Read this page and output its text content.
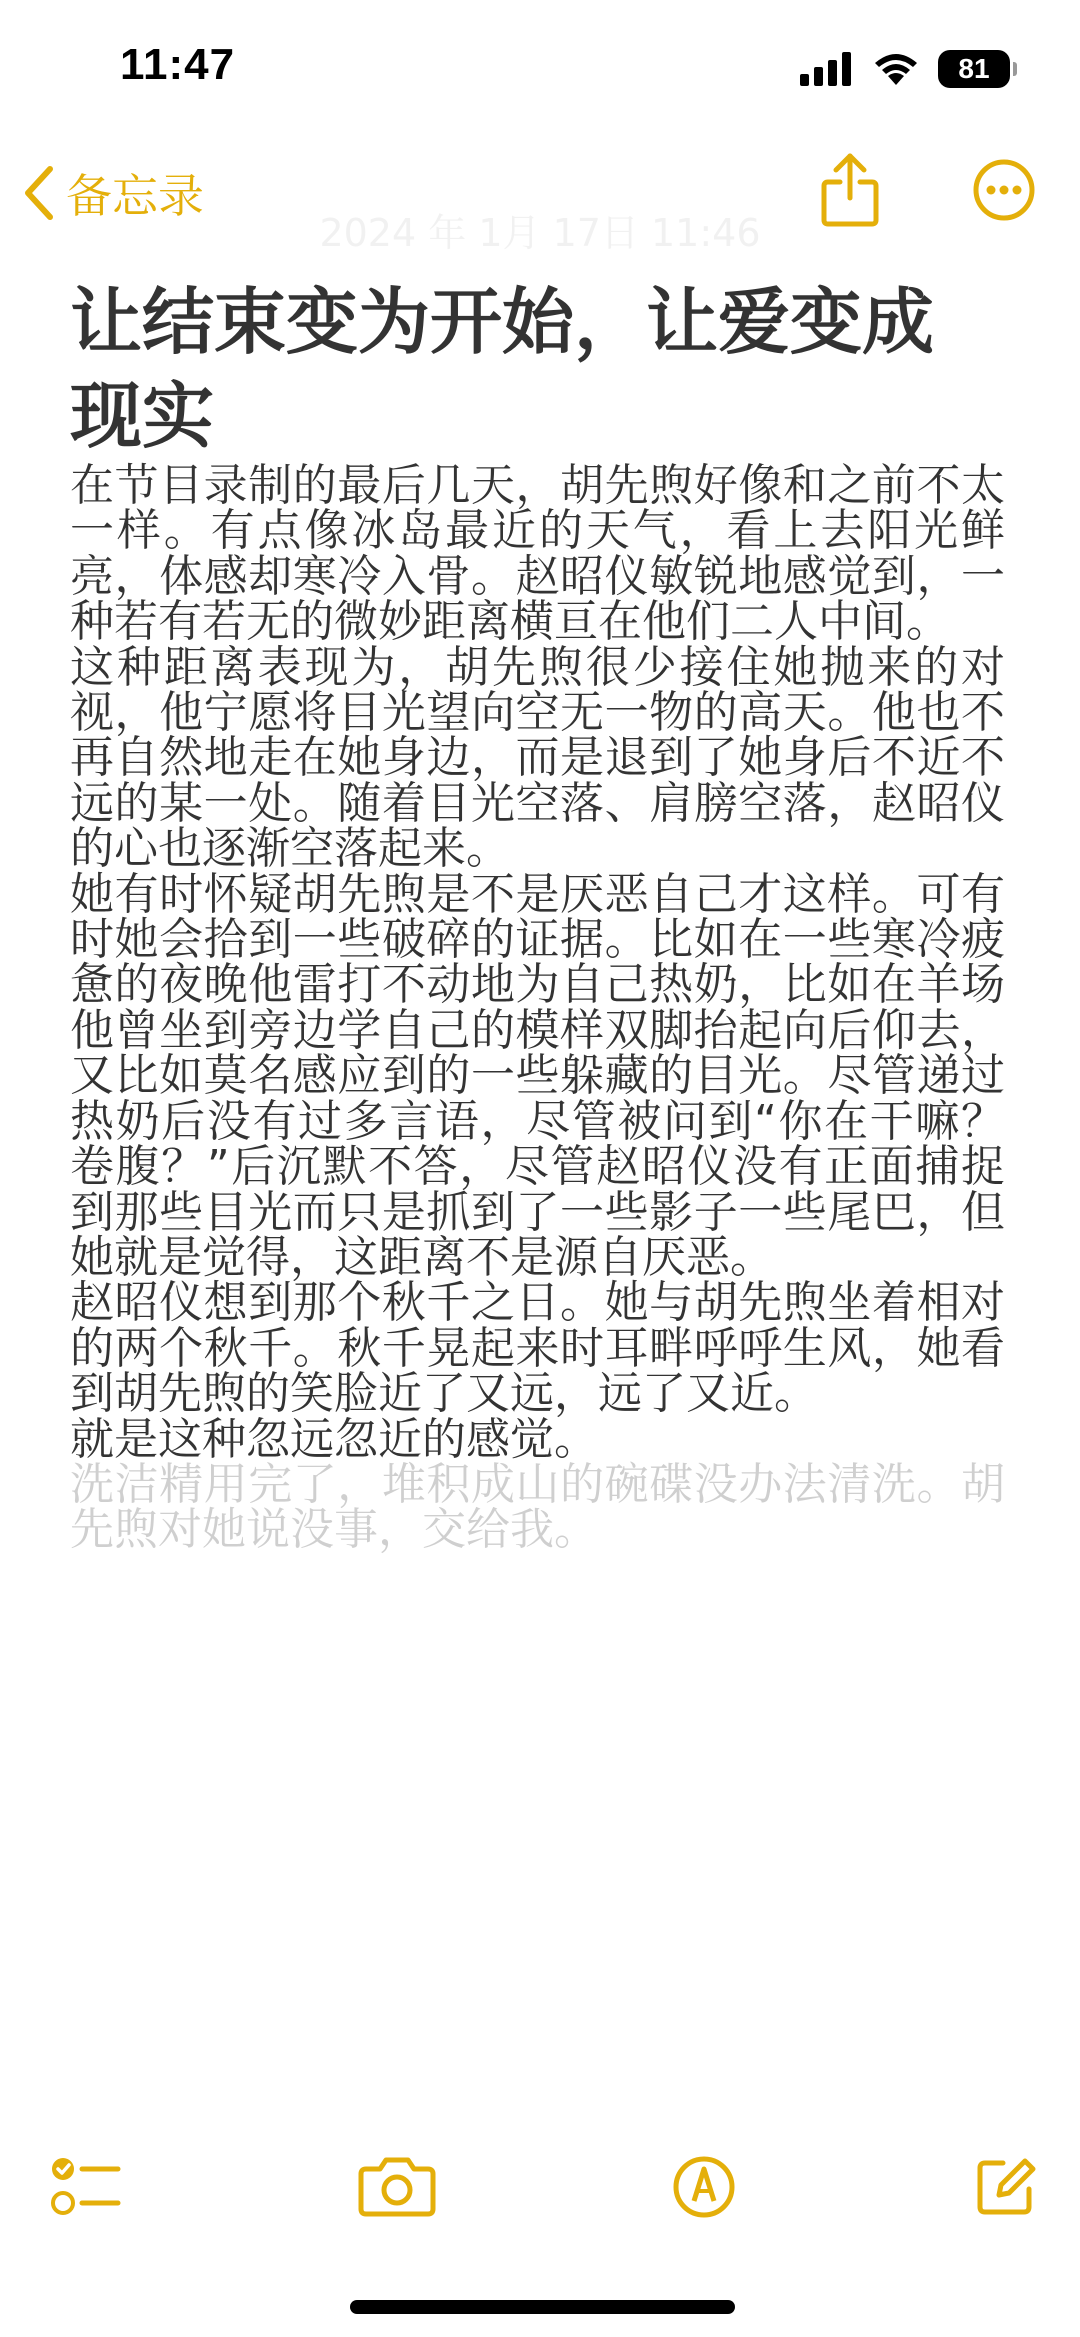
11:47	81
备忘录
2024 年 1月 17日 11:46
让结束变为开始，让爱变成现实

在节目录制的最后几天，胡先煦好像和之前不太一样。有点像冰岛最近的天气，看上去阳光鲜亮，体感却寒冷入骨。赵昭仪敏锐地感觉到，一种若有若无的微妙距离横亘在他们二人中间。

这种距离表现为，胡先煦很少接住她抛来的对视，他宁愿将目光望向空无一物的高天。他也不再自然地走在她身边，而是退到了她身后不近不远的某一处。随着目光空落、肩膀空落，赵昭仪的心也逐渐空落起来。

她有时怀疑胡先煦是不是厌恶自己才这样。可有时她会拾到一些破碎的证据。比如在一些寒冷疲惫的夜晚他雷打不动地为自己热奶，比如在羊场他曾坐到旁边学自己的模样双脚抬起向后仰去，又比如莫名感应到的一些躲藏的目光。尽管递过热奶后没有过多言语，尽管被问到“你在干嘛？卷腹？”后沉默不答，尽管赵昭仪没有正面捕捉到那些目光而只是抓到了一些影子一些尾巴，但她就是觉得，这距离不是源自厌恶。

赵昭仪想到那个秋千之日。她与胡先煦坐着相对的两个秋千。秋千晃起来时耳畔呼呼生风，她看到胡先煦的笑脸近了又远，远了又近。

就是这种忽远忽近的感觉。

洗洁精用完了，堆积成山的碗碟没办法清洗。胡先煦对她说没事，交给我。
